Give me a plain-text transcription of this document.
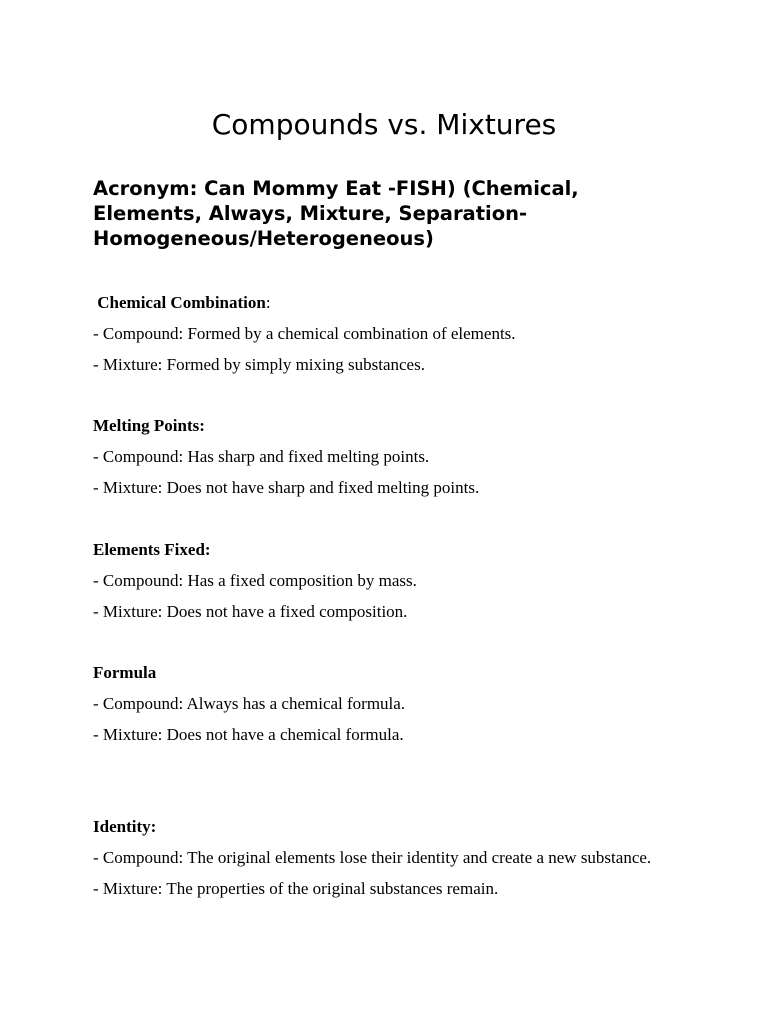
Compounds vs. Mixtures

Acronym: Can Mommy Eat -FISH) (Chemical, Elements, Always, Mixture, Separation-Homogeneous/Heterogeneous)

Chemical Combination:

- Compound: Formed by a chemical combination of elements.

- Mixture: Formed by simply mixing substances.

Melting Points:

- Compound: Has sharp and fixed melting points.

- Mixture: Does not have sharp and fixed melting points.

Elements Fixed:

- Compound: Has a fixed composition by mass.

- Mixture: Does not have a fixed composition.

Formula

- Compound: Always has a chemical formula.

- Mixture: Does not have a chemical formula.

Identity:

- Compound: The original elements lose their identity and create a new substance.

- Mixture: The properties of the original substances remain.
